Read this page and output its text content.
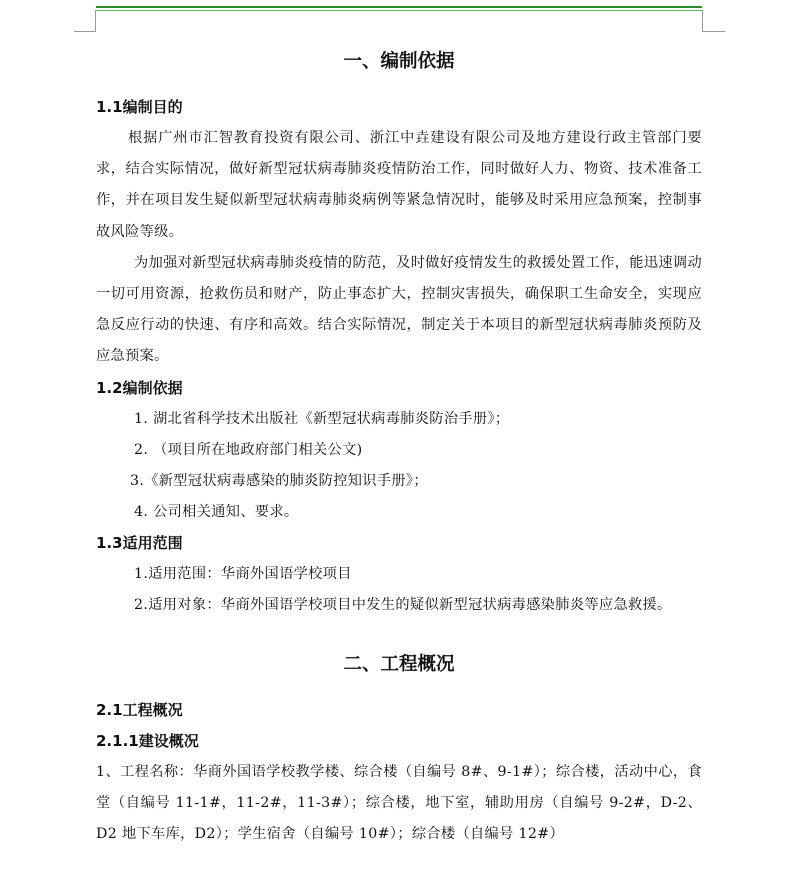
一、编制依据
1.1编制目的
根据广州市汇智教育投资有限公司、浙江中垚建设有限公司及地方建设行政主管部门要求，结合实际情况，做好新型冠状病毒肺炎疫情防治工作，同时做好人力、物资、技术准备工作，并在项目发生疑似新型冠状病毒肺炎病例等紧急情况时，能够及时采用应急预案，控制事故风险等级。
为加强对新型冠状病毒肺炎疫情的防范，及时做好疫情发生的救援处置工作，能迅速调动一切可用资源，抢救伤员和财产，防止事态扩大，控制灾害损失，确保职工生命安全，实现应急反应行动的快速、有序和高效。结合实际情况，制定关于本项目的新型冠状病毒肺炎预防及应急预案。
1.2编制依据
1. 湖北省科学技术出版社《新型冠状病毒肺炎防治手册》；
2. （项目所在地政府部门相关公文)
3.《新型冠状病毒感染的肺炎防控知识手册》；
4. 公司相关通知、要求。
1.3适用范围
1.适用范围：华商外国语学校项目
2.适用对象：华商外国语学校项目中发生的疑似新型冠状病毒感染肺炎等应急救援。
二、工程概况
2.1工程概况
2.1.1建设概况
1、工程名称：华商外国语学校教学楼、综合楼（自编号 8#、9-1#）；综合楼，活动中心，食堂（自编号 11-1#，11-2#，11-3#）；综合楼，地下室，辅助用房（自编号 9-2#，D-2、D2 地下车库，D2）；学生宿舍（自编号 10#）；综合楼（自编号 12#）
